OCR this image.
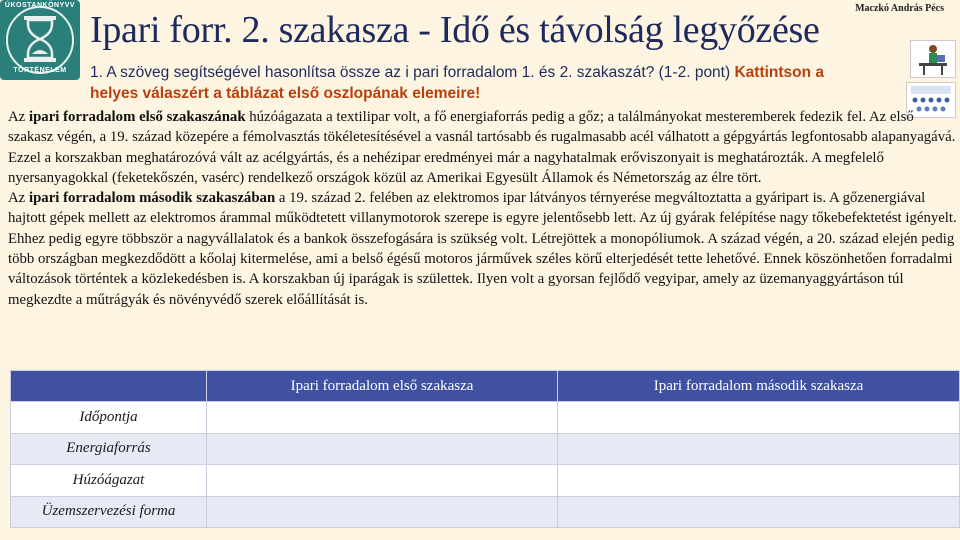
ÚKOSTANKÖNYVV
TÖRTÉNELEM
Maczkó András Pécs
Ipari forr. 2. szakasza - Idő és távolság legyőzése
1. A szöveg segítségével hasonlítsa össze az i pari forradalom 1. és 2. szakaszát? (1-2. pont) Kattintson a helyes válaszért a táblázat első oszlopának elemeire!

Az ipari forradalom első szakaszának húzóágazata a textilipar volt, a fő energiaforrás pedig a gőz; a találmányokat mesteremberek fedezik fel. Az első szakasz végén, a 19. század közepére a fémolvasztás tökéletesítésével a vasnál tartósabb és rugalmasabb acél válhatott a gépgyártás legfontosabb alapanyagává. Ezzel a korszakban meghatározóvá vált az acélgyártás, és a nehézipar eredményei már a nagyhatalmak erőviszonyait is meghatározták. A megfelelő nyersanyagokkal (feketekőszén, vasérc) rendelkező országok közül az Amerikai Egyesült Államok és Németország az élre tört.

Az ipari forradalom második szakaszában a 19. század 2. felében az elektromos ipar látványos térnyerése megváltoztatta a gyáripart is. A gőzenergiával hajtott gépek mellett az elektromos árammal működtetett villanymotorok szerepe is egyre jelentősebb lett. Az új gyárak felépítése nagy tőkebefektetést igényelt. Ehhez pedig egyre többször a nagyvállalatok és a bankok összefogására is szükség volt. Létrejöttek a monopóliumok. A század végén, a 20. század elején pedig több országban megkezdődött a kőolaj kitermelése, ami a belső égésű motoros járművek széles körű elterjedését tette lehetővé. Ennek köszönhetően forradalmi változások történtek a közlekedésben is. A korszakban új iparágak is születtek. Ilyen volt a gyorsan fejlődő vegyipar, amely az üzemanyaggyártáson túl megkezdte a műtrágyák és növényvédő szerek előállítását is.

	Ipari forradalom első szakasza	Ipari forradalom második szakasza
Időpontja		
Energiaforrás		
Húzóágazat		
Üzemszervezési forma		
